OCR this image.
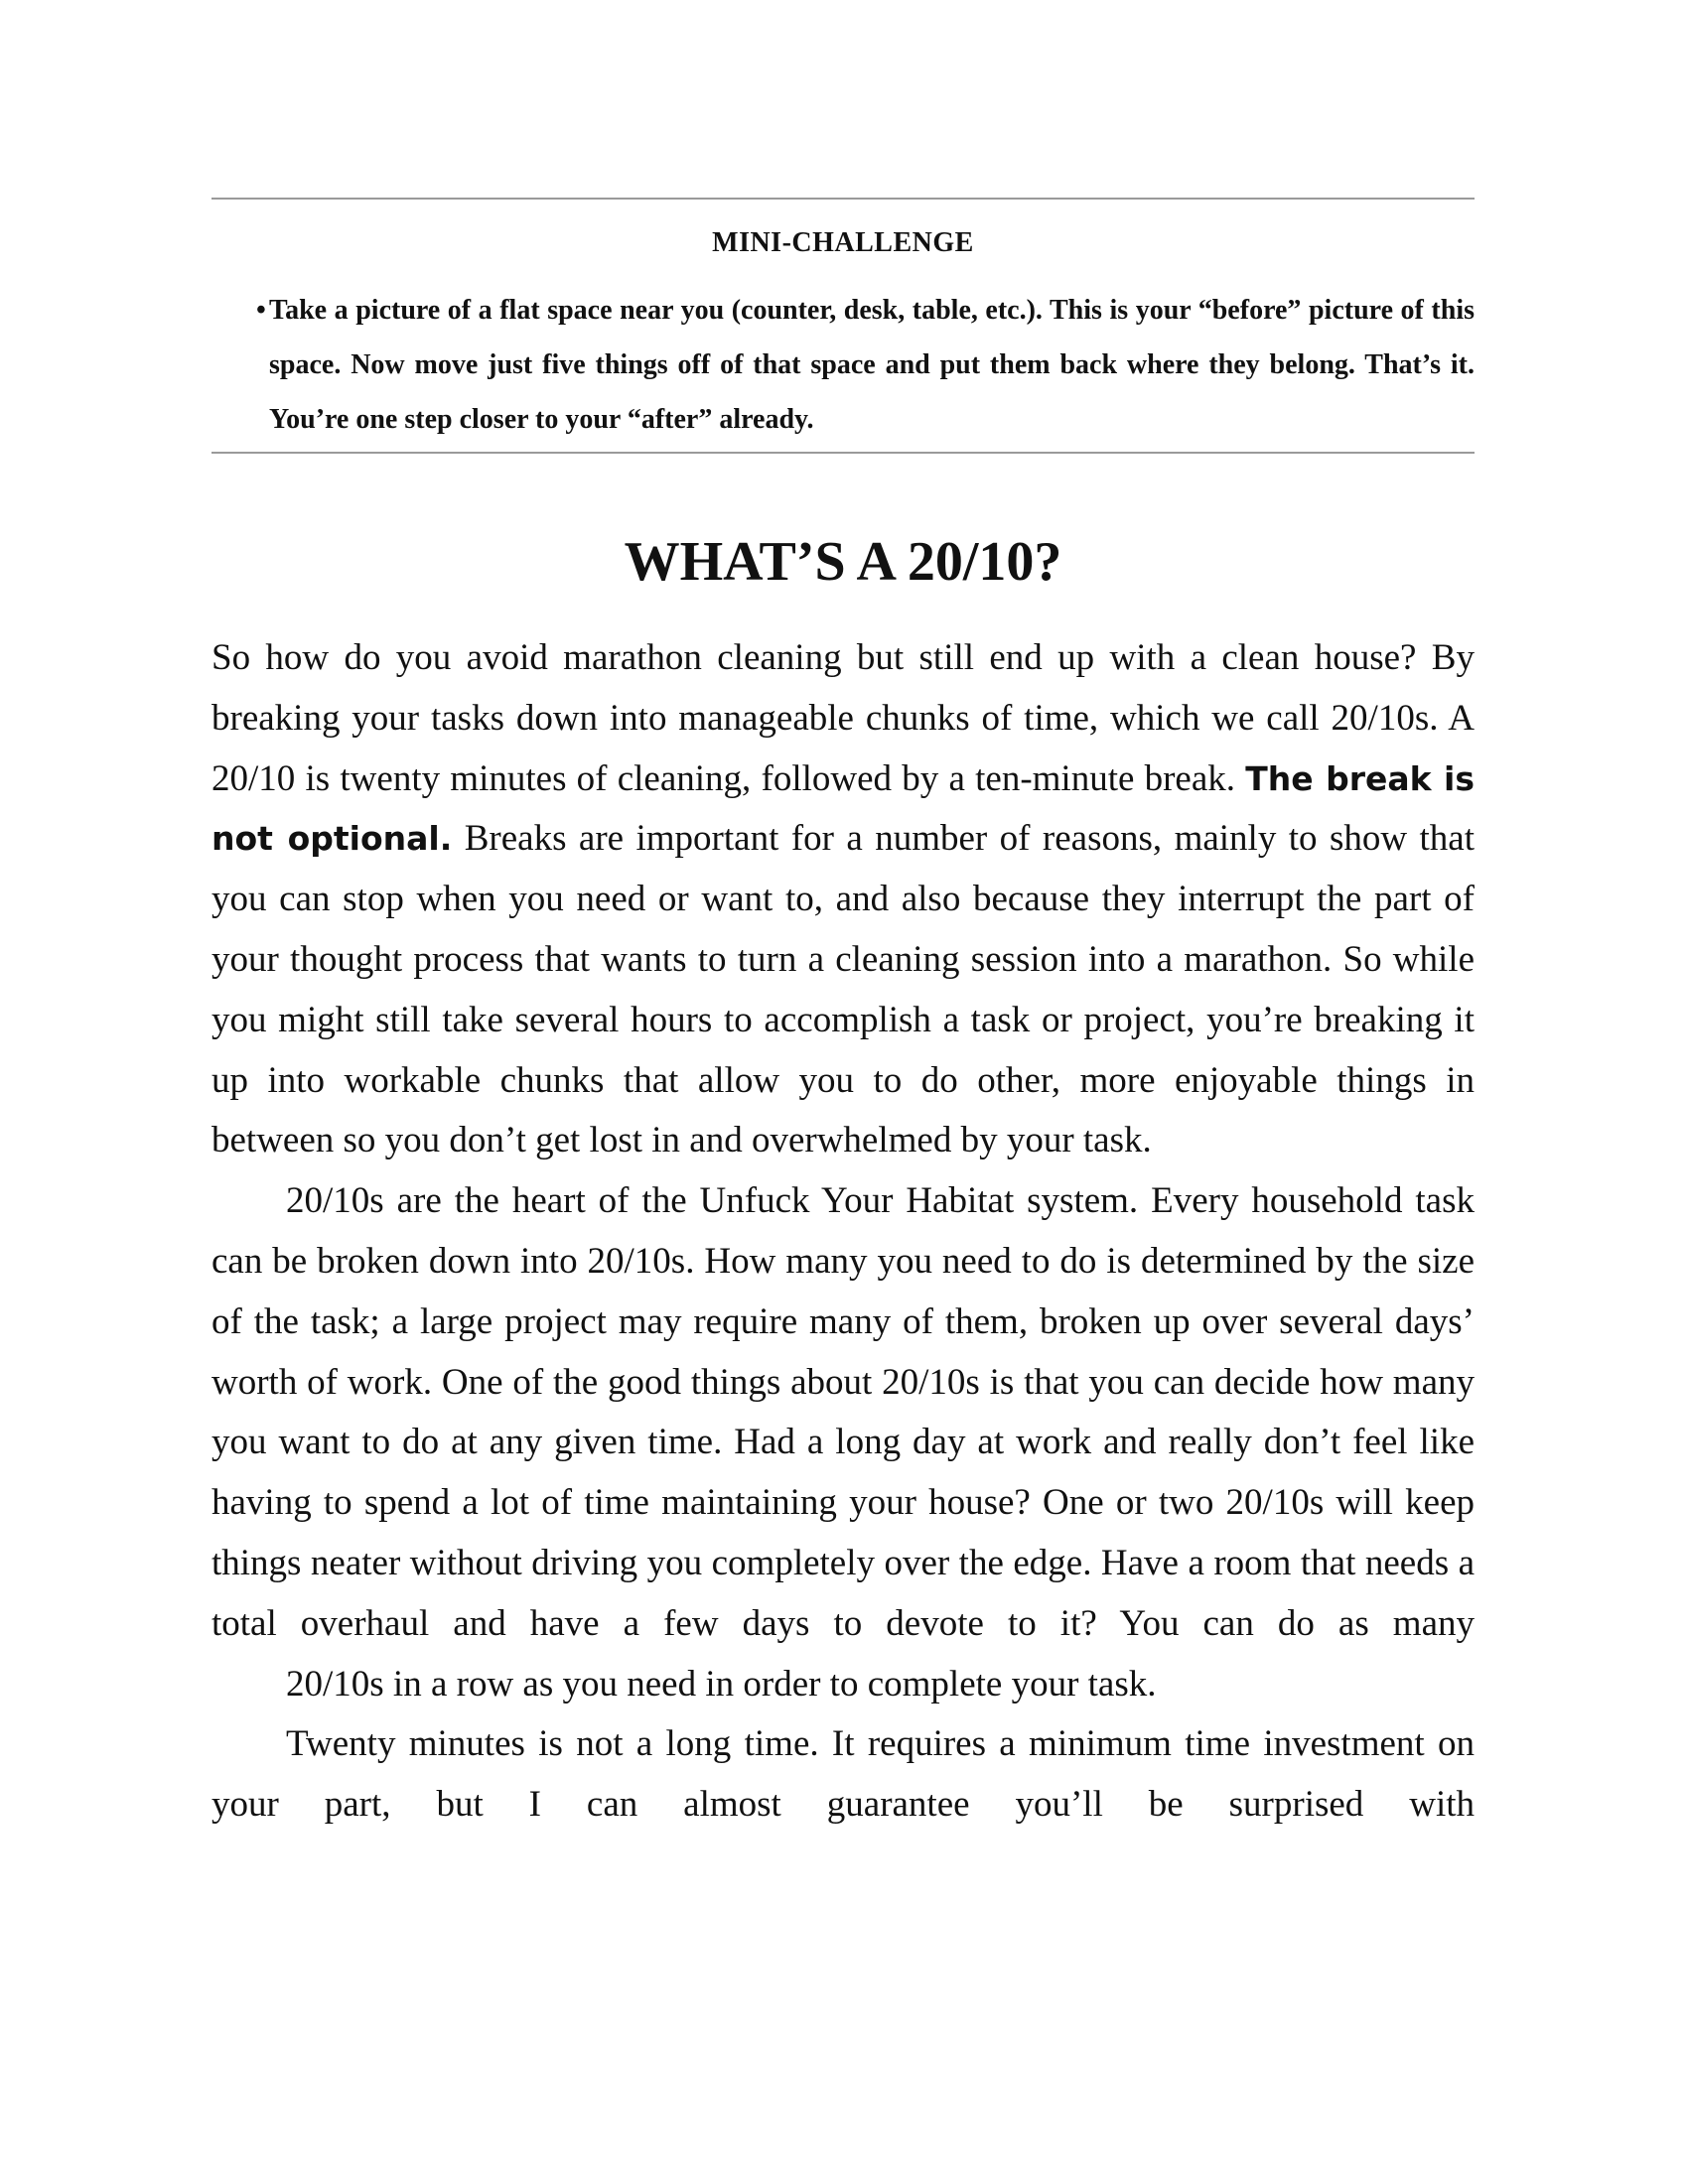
MINI-CHALLENGE
• Take a picture of a flat space near you (counter, desk, table, etc.). This is your “before” picture of this space. Now move just five things off of that space and put them back where they belong. That’s it. You’re one step closer to your “after” already.
WHAT’S A 20/10?

So how do you avoid marathon cleaning but still end up with a clean house? By breaking your tasks down into manageable chunks of time, which we call 20/10s. A 20/10 is twenty minutes of cleaning, followed by a ten-minute break. The break is not optional. Breaks are important for a number of reasons, mainly to show that you can stop when you need or want to, and also because they interrupt the part of your thought process that wants to turn a cleaning session into a marathon. So while you might still take several hours to accomplish a task or project, you’re breaking it up into workable chunks that allow you to do other, more enjoyable things in
between so you don’t get lost in and overwhelmed by your task.

20/10s are the heart of the Unfuck Your Habitat system. Every household task can be broken down into 20/10s. How many you need to do is determined by the size of the task; a large project may require many of them, broken up over several days’ worth of work. One of the good things about 20/10s is that you can decide how many you want to do at any given time. Had a long day at work and really don’t feel like having to spend a lot of time maintaining your house? One or two 20/10s will keep things neater without driving you completely over the edge. Have a room that needs a total overhaul and have a few days to devote to it? You can do as many
20/10s in a row as you need in order to complete your task.

Twenty minutes is not a long time. It requires a minimum time investment on your part, but I can almost guarantee you’ll be surprised with
